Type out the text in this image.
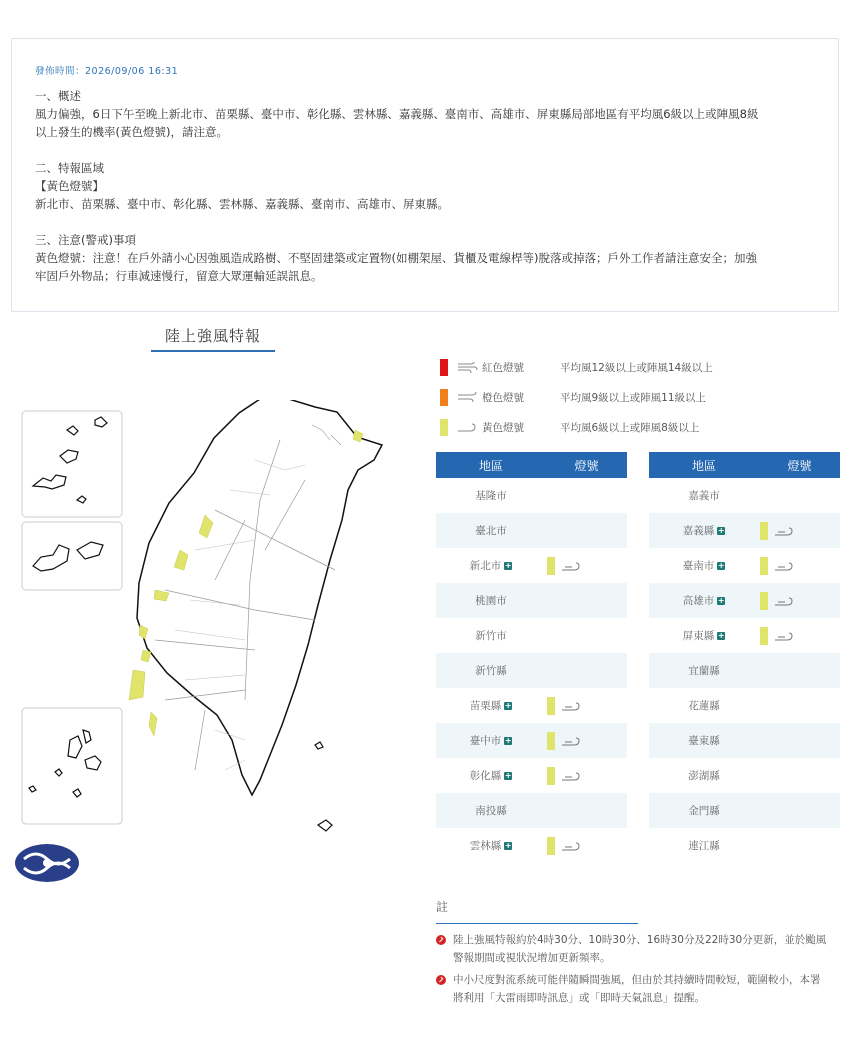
發佈時間：2026/09/06 16:31
一、概述
風力偏強，6日下午至晚上新北市、苗栗縣、臺中市、彰化縣、雲林縣、嘉義縣、臺南市、高雄市、屏東縣局部地區有平均風6級以上或陣風8級
以上發生的機率(黃色燈號)，請注意。
二、特報區域
【黃色燈號】
新北市、苗栗縣、臺中市、彰化縣、雲林縣、嘉義縣、臺南市、高雄市、屏東縣。
三、注意(警戒)事項
黃色燈號：注意！在戶外請小心因強風造成路樹、不堅固建築或定置物(如棚架屋、貨櫃及電線桿等)脫落或掉落；戶外工作者請注意安全；加強
牢固戶外物品；行車減速慢行，留意大眾運輸延誤訊息。
陸上強風特報
紅色燈號	平均風12級以上或陣風14級以上
橙色燈號	平均風9級以上或陣風11級以上
黃色燈號	平均風6級以上或陣風8級以上
地區	燈號
基隆市
臺北市
新北市 +
桃園市
新竹市
新竹縣
苗栗縣 +
臺中市 +
彰化縣 +
南投縣
雲林縣 +
地區	燈號
嘉義市
嘉義縣 +
臺南市 +
高雄市 +
屏東縣 +
宜蘭縣
花蓮縣
臺東縣
澎湖縣
金門縣
連江縣
註
陸上強風特報約於4時30分、10時30分、16時30分及22時30分更新，並於颱風
警報期間或視狀況增加更新頻率。
中小尺度對流系統可能伴隨瞬間強風，但由於其持續時間較短，範圍較小，本署
將利用「大雷雨即時訊息」或「即時天氣訊息」提醒。
